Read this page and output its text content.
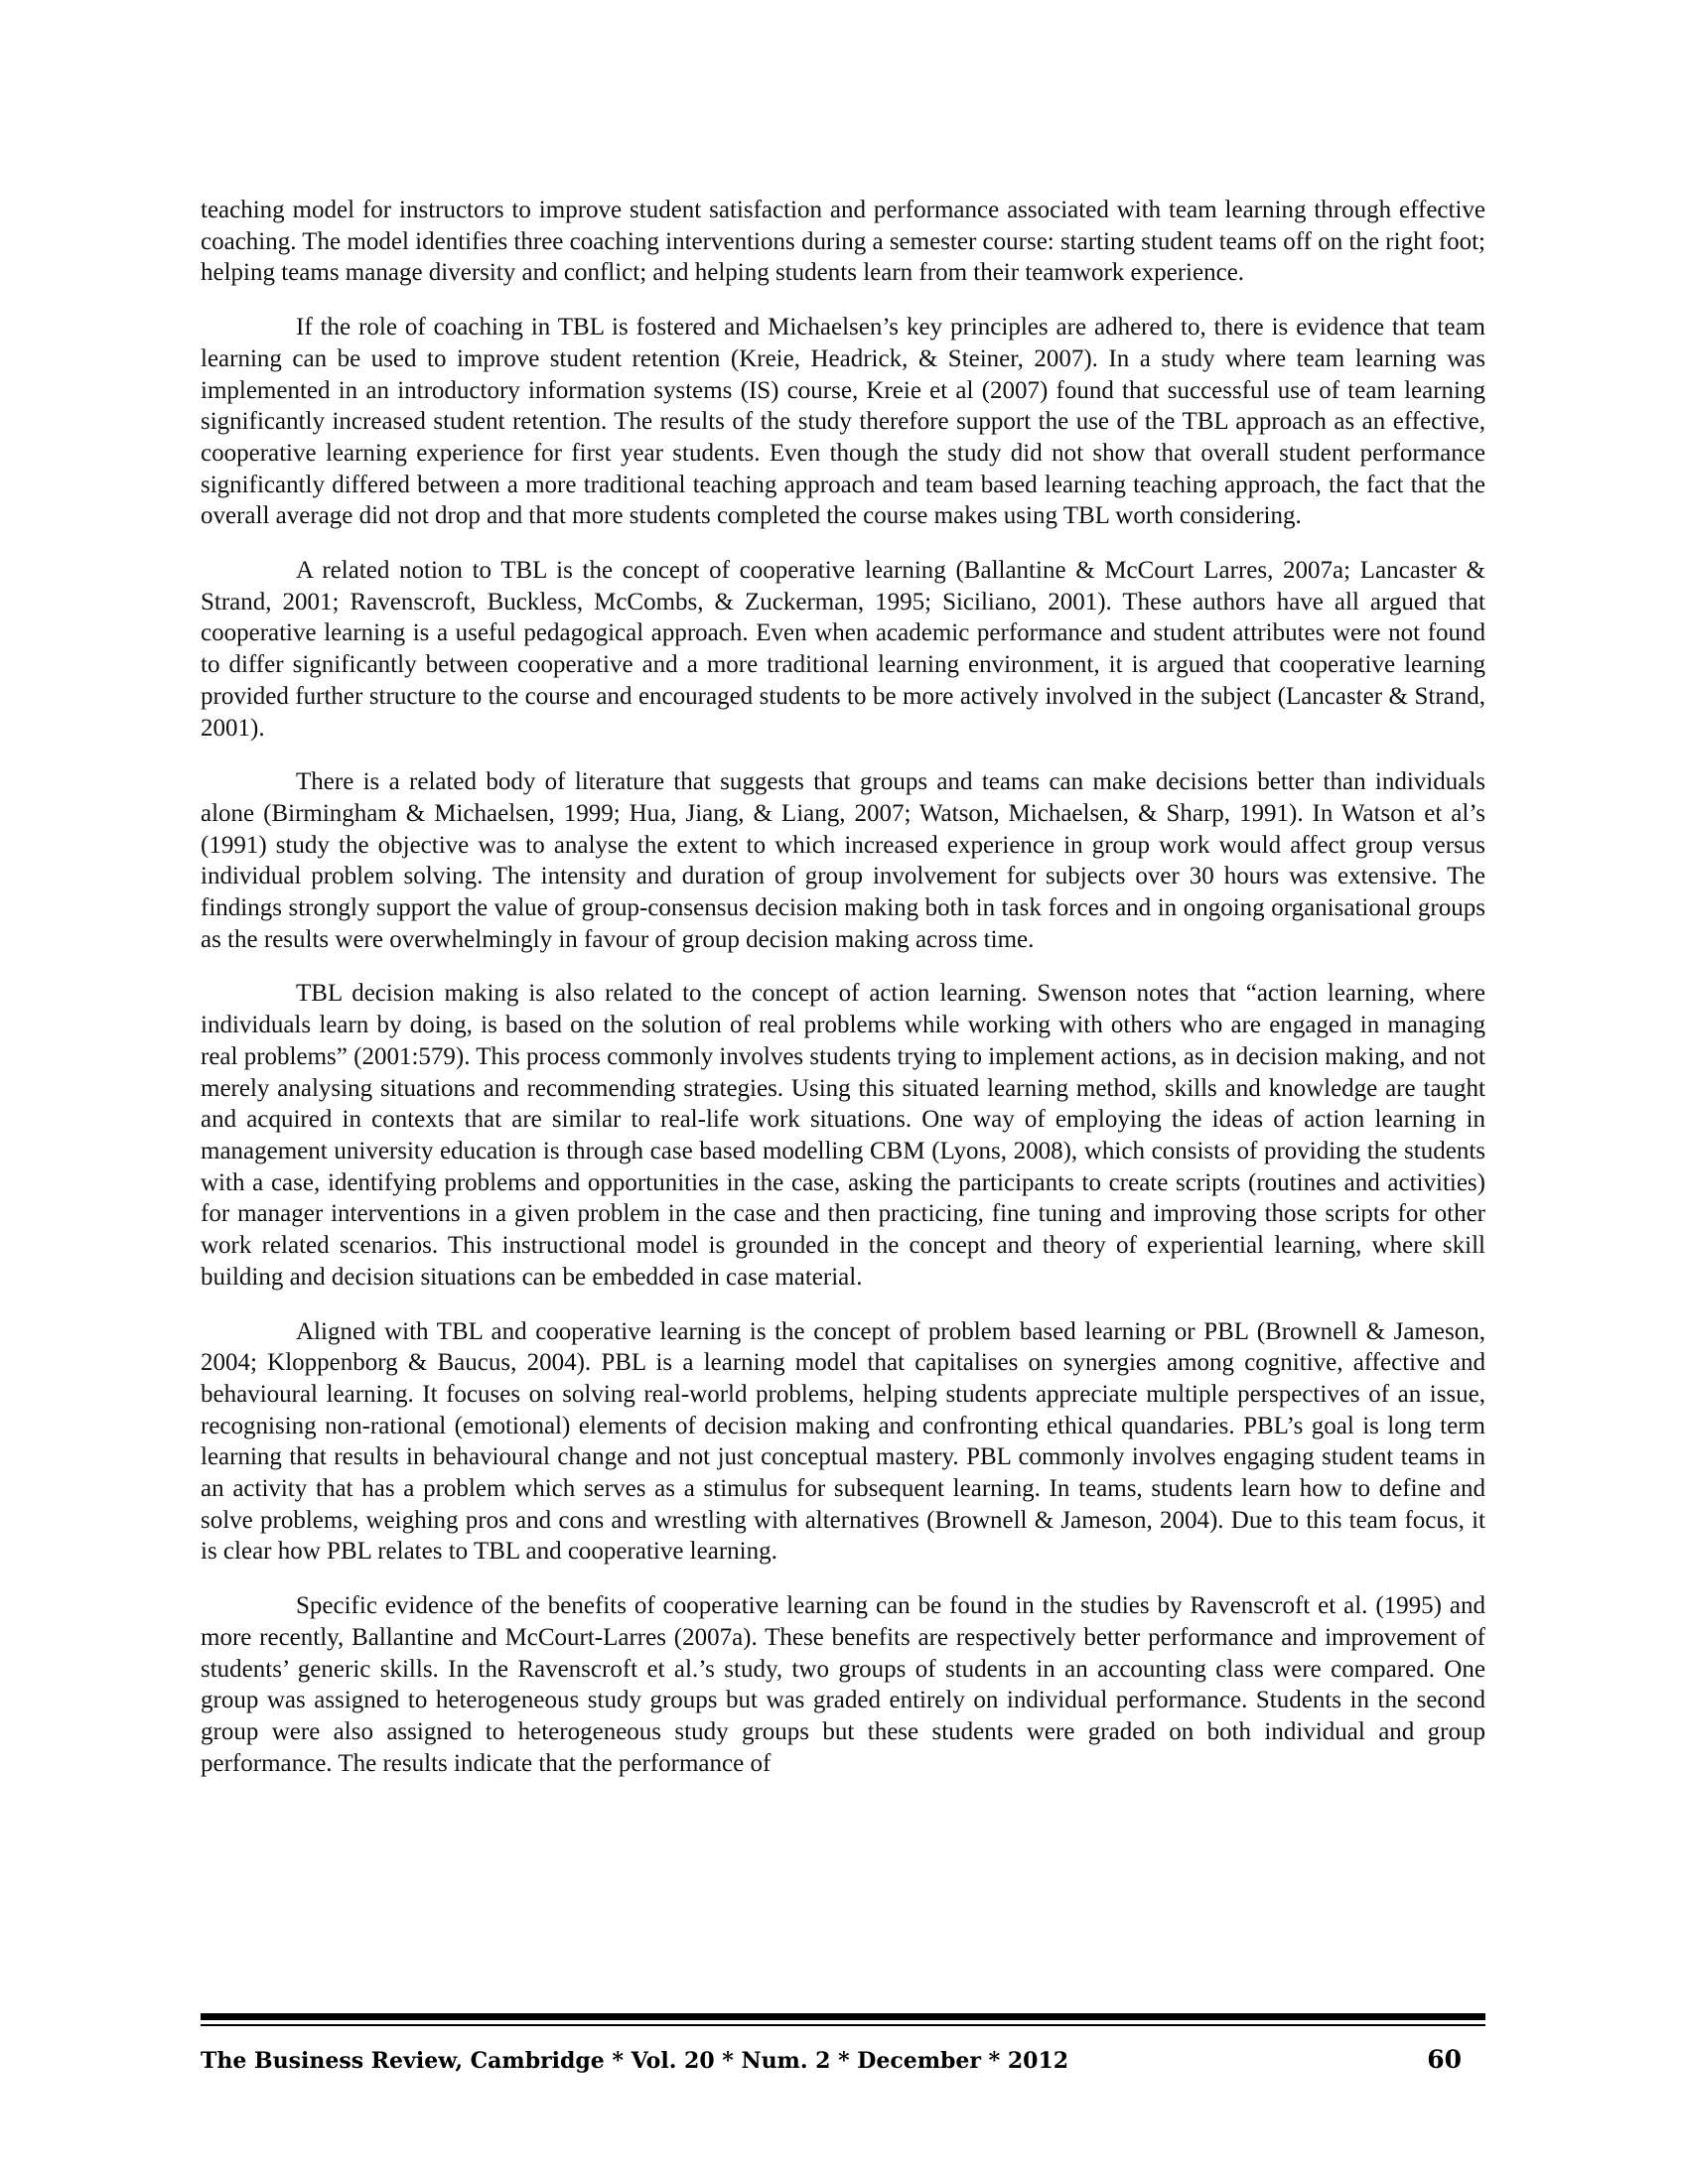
teaching model for instructors to improve student satisfaction and performance associated with team learning through effective coaching. The model identifies three coaching interventions during a semester course: starting student teams off on the right foot; helping teams manage diversity and conflict; and helping students learn from their teamwork experience.

If the role of coaching in TBL is fostered and Michaelsen’s key principles are adhered to, there is evidence that team learning can be used to improve student retention (Kreie, Headrick, & Steiner, 2007). In a study where team learning was implemented in an introductory information systems (IS) course, Kreie et al (2007) found that successful use of team learning significantly increased student retention. The results of the study therefore support the use of the TBL approach as an effective, cooperative learning experience for first year students. Even though the study did not show that overall student performance significantly differed between a more traditional teaching approach and team based learning teaching approach, the fact that the overall average did not drop and that more students completed the course makes using TBL worth considering.

A related notion to TBL is the concept of cooperative learning (Ballantine & McCourt Larres, 2007a; Lancaster & Strand, 2001; Ravenscroft, Buckless, McCombs, & Zuckerman, 1995; Siciliano, 2001). These authors have all argued that cooperative learning is a useful pedagogical approach. Even when academic performance and student attributes were not found to differ significantly between cooperative and a more traditional learning environment, it is argued that cooperative learning provided further structure to the course and encouraged students to be more actively involved in the subject (Lancaster & Strand, 2001).

There is a related body of literature that suggests that groups and teams can make decisions better than individuals alone (Birmingham & Michaelsen, 1999; Hua, Jiang, & Liang, 2007; Watson, Michaelsen, & Sharp, 1991). In Watson et al’s (1991) study the objective was to analyse the extent to which increased experience in group work would affect group versus individual problem solving. The intensity and duration of group involvement for subjects over 30 hours was extensive. The findings strongly support the value of group-consensus decision making both in task forces and in ongoing organisational groups as the results were overwhelmingly in favour of group decision making across time.

TBL decision making is also related to the concept of action learning. Swenson notes that “action learning, where individuals learn by doing, is based on the solution of real problems while working with others who are engaged in managing real problems” (2001:579). This process commonly involves students trying to implement actions, as in decision making, and not merely analysing situations and recommending strategies. Using this situated learning method, skills and knowledge are taught and acquired in contexts that are similar to real-life work situations. One way of employing the ideas of action learning in management university education is through case based modelling CBM (Lyons, 2008), which consists of providing the students with a case, identifying problems and opportunities in the case, asking the participants to create scripts (routines and activities) for manager interventions in a given problem in the case and then practicing, fine tuning and improving those scripts for other work related scenarios. This instructional model is grounded in the concept and theory of experiential learning, where skill building and decision situations can be embedded in case material.

Aligned with TBL and cooperative learning is the concept of problem based learning or PBL (Brownell & Jameson, 2004; Kloppenborg & Baucus, 2004). PBL is a learning model that capitalises on synergies among cognitive, affective and behavioural learning. It focuses on solving real-world problems, helping students appreciate multiple perspectives of an issue, recognising non-rational (emotional) elements of decision making and confronting ethical quandaries. PBL’s goal is long term learning that results in behavioural change and not just conceptual mastery. PBL commonly involves engaging student teams in an activity that has a problem which serves as a stimulus for subsequent learning. In teams, students learn how to define and solve problems, weighing pros and cons and wrestling with alternatives (Brownell & Jameson, 2004). Due to this team focus, it is clear how PBL relates to TBL and cooperative learning.

Specific evidence of the benefits of cooperative learning can be found in the studies by Ravenscroft et al. (1995) and more recently, Ballantine and McCourt-Larres (2007a). These benefits are respectively better performance and improvement of students’ generic skills. In the Ravenscroft et al.’s study, two groups of students in an accounting class were compared. One group was assigned to heterogeneous study groups but was graded entirely on individual performance. Students in the second group were also assigned to heterogeneous study groups but these students were graded on both individual and group performance. The results indicate that the performance of

The Business Review, Cambridge * Vol. 20 * Num. 2 * December * 2012	60
